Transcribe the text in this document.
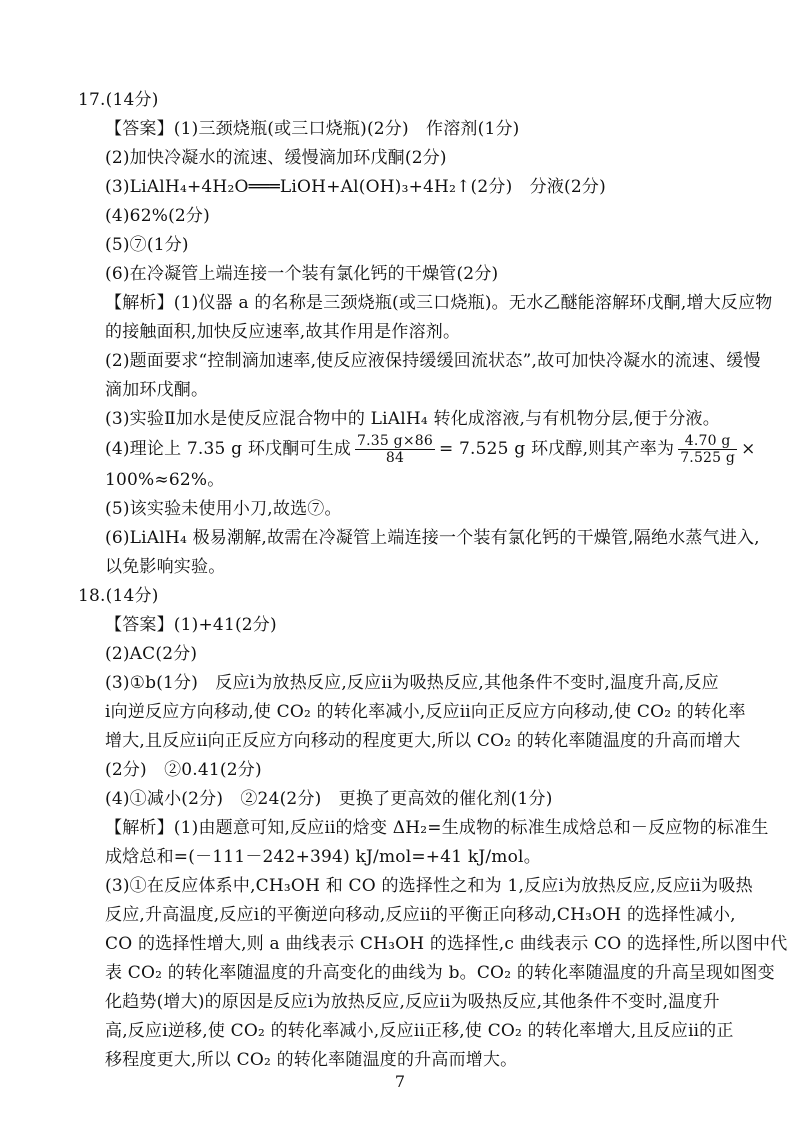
17.(14分)
【答案】(1)三颈烧瓶(或三口烧瓶)(2分)　作溶剂(1分)
(2)加快冷凝水的流速、缓慢滴加环戊酮(2分)
(3)LiAlH₄+4H₂O═══LiOH+Al(OH)₃+4H₂↑(2分)　分液(2分)
(4)62%(2分)
(5)⑦(1分)
(6)在冷凝管上端连接一个装有氯化钙的干燥管(2分)
【解析】(1)仪器 a 的名称是三颈烧瓶(或三口烧瓶)。无水乙醚能溶解环戊酮,增大反应物
的接触面积,加快反应速率,故其作用是作溶剂。
(2)题面要求“控制滴加速率,使反应液保持缓缓回流状态”,故可加快冷凝水的流速、缓慢
滴加环戊酮。
(3)实验Ⅱ加水是使反应混合物中的 LiAlH₄ 转化成溶液,与有机物分层,便于分液。
(4)理论上 7.35 g 环戊酮可生成 $\frac{7.35 g\times 86}{84} = 7.525$ g 环戊醇,则其产率为 $\frac{4.70 g}{7.525 g}$ ×
100%≈62%。
(5)该实验未使用小刀,故选⑦。
(6)LiAlH₄ 极易潮解,故需在冷凝管上端连接一个装有氯化钙的干燥管,隔绝水蒸气进入,
以免影响实验。
18.(14分)
【答案】(1)+41(2分)
(2)AC(2分)
(3)①b(1分)　反应ⅰ为放热反应,反应ⅱ为吸热反应,其他条件不变时,温度升高,反应
ⅰ向逆反应方向移动,使 CO₂ 的转化率减小,反应ⅱ向正反应方向移动,使 CO₂ 的转化率
增大,且反应ⅱ向正反应方向移动的程度更大,所以 CO₂ 的转化率随温度的升高而增大
(2分)　②0.41(2分)
(4)①减小(2分)　②24(2分)　更换了更高效的催化剂(1分)
【解析】(1)由题意可知,反应ⅱ的焓变 ΔH₂=生成物的标准生成焓总和－反应物的标准生
成焓总和=(－111－242+394) kJ/mol=+41 kJ/mol。
(3)①在反应体系中,CH₃OH 和 CO 的选择性之和为 1,反应ⅰ为放热反应,反应ⅱ为吸热
反应,升高温度,反应ⅰ的平衡逆向移动,反应ⅱ的平衡正向移动,CH₃OH 的选择性减小,
CO 的选择性增大,则 a 曲线表示 CH₃OH 的选择性,c 曲线表示 CO 的选择性,所以图中代
表 CO₂ 的转化率随温度的升高变化的曲线为 b。CO₂ 的转化率随温度的升高呈现如图变
化趋势(增大)的原因是反应ⅰ为放热反应,反应ⅱ为吸热反应,其他条件不变时,温度升
高,反应ⅰ逆移,使 CO₂ 的转化率减小,反应ⅱ正移,使 CO₂ 的转化率增大,且反应ⅱ的正
移程度更大,所以 CO₂ 的转化率随温度的升高而增大。
7
